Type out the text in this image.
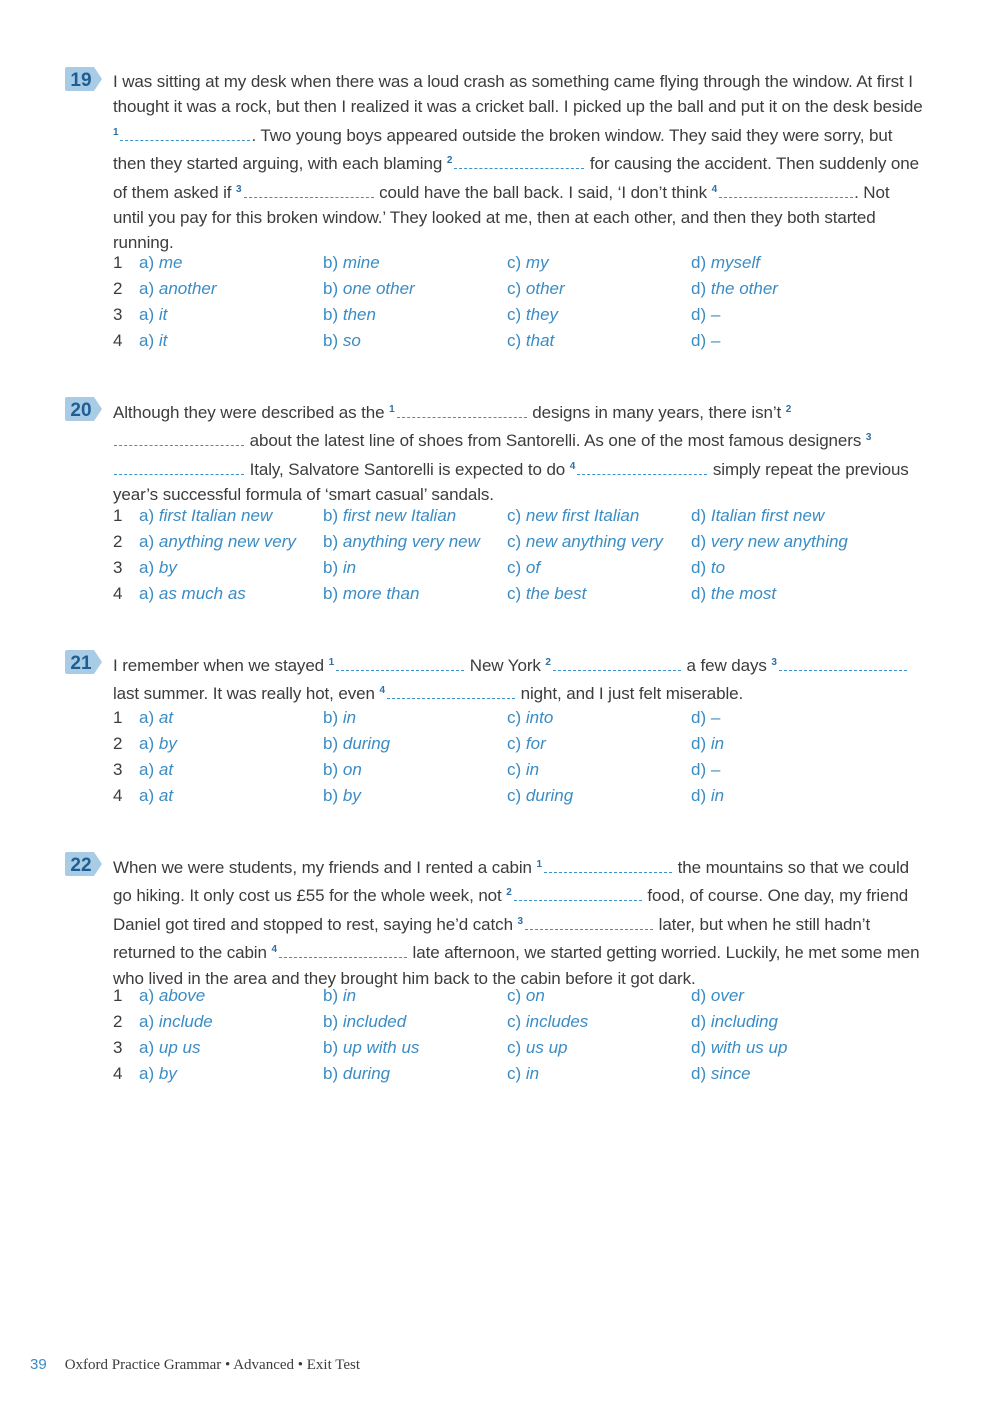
19 I was sitting at my desk when there was a loud crash as something came flying through the window. At first I thought it was a rock, but then I realized it was a cricket ball. I picked up the ball and put it on the desk beside $^1$	. Two young boys appeared outside the broken window. They said they were sorry, but then they started arguing, with each blaming $^2$	for causing the accident. Then suddenly one of them asked if $^3$	could have the ball back. I said, ‘I don’t think $^4$	. Not until you pay for this broken window.’ They looked at me, then at each other, and then they both started running.
1 a) me	b) mine	c) my	d) myself
2 a) another	b) one other	c) other	d) the other
3 a) it	b) then	c) they	d) –
4 a) it	b) so	c) that	d) –
20 Although they were described as the $^1$	designs in many years, there isn’t $^2$ about the latest line of shoes from Santorelli. As one of the most famous designers $^3$ Italy, Salvatore Santorelli is expected to do $^4$	simply repeat the previous year’s successful formula of ‘smart casual’ sandals.
1 a) first Italian new	b) first new Italian	c) new first Italian	d) Italian first new
2 a) anything new very b) anything very new c) new anything very d) very new anything
3 a) by	b) in	c) of	d) to
4 a) as much as	b) more than	c) the best	d) the most
21 I remember when we stayed $^1$	New York $^2$	a few days $^3$ last summer. It was really hot, even $^4$	night, and I just felt miserable.
1 a) at	b) in	c) into	d) –
2 a) by	b) during	c) for	d) in
3 a) at	b) on	c) in	d) –
4 a) at	b) by	c) during	d) in
22 When we were students, my friends and I rented a cabin $^1$	the mountains so that we could go hiking. It only cost us £55 for the whole week, not $^2$	food, of course. One day, my friend Daniel got tired and stopped to rest, saying he’d catch $^3$	later, but when he still hadn’t returned to the cabin $^4$	late afternoon, we started getting worried. Luckily, he met some men who lived in the area and they brought him back to the cabin before it got dark.
1 a) above	b) in	c) on	d) over
2 a) include	b) included	c) includes	d) including
3 a) up us	b) up with us	c) us up	d) with us up
4 a) by	b) during	c) in	d) since
39 Oxford Practice Grammar • Advanced • Exit Test
